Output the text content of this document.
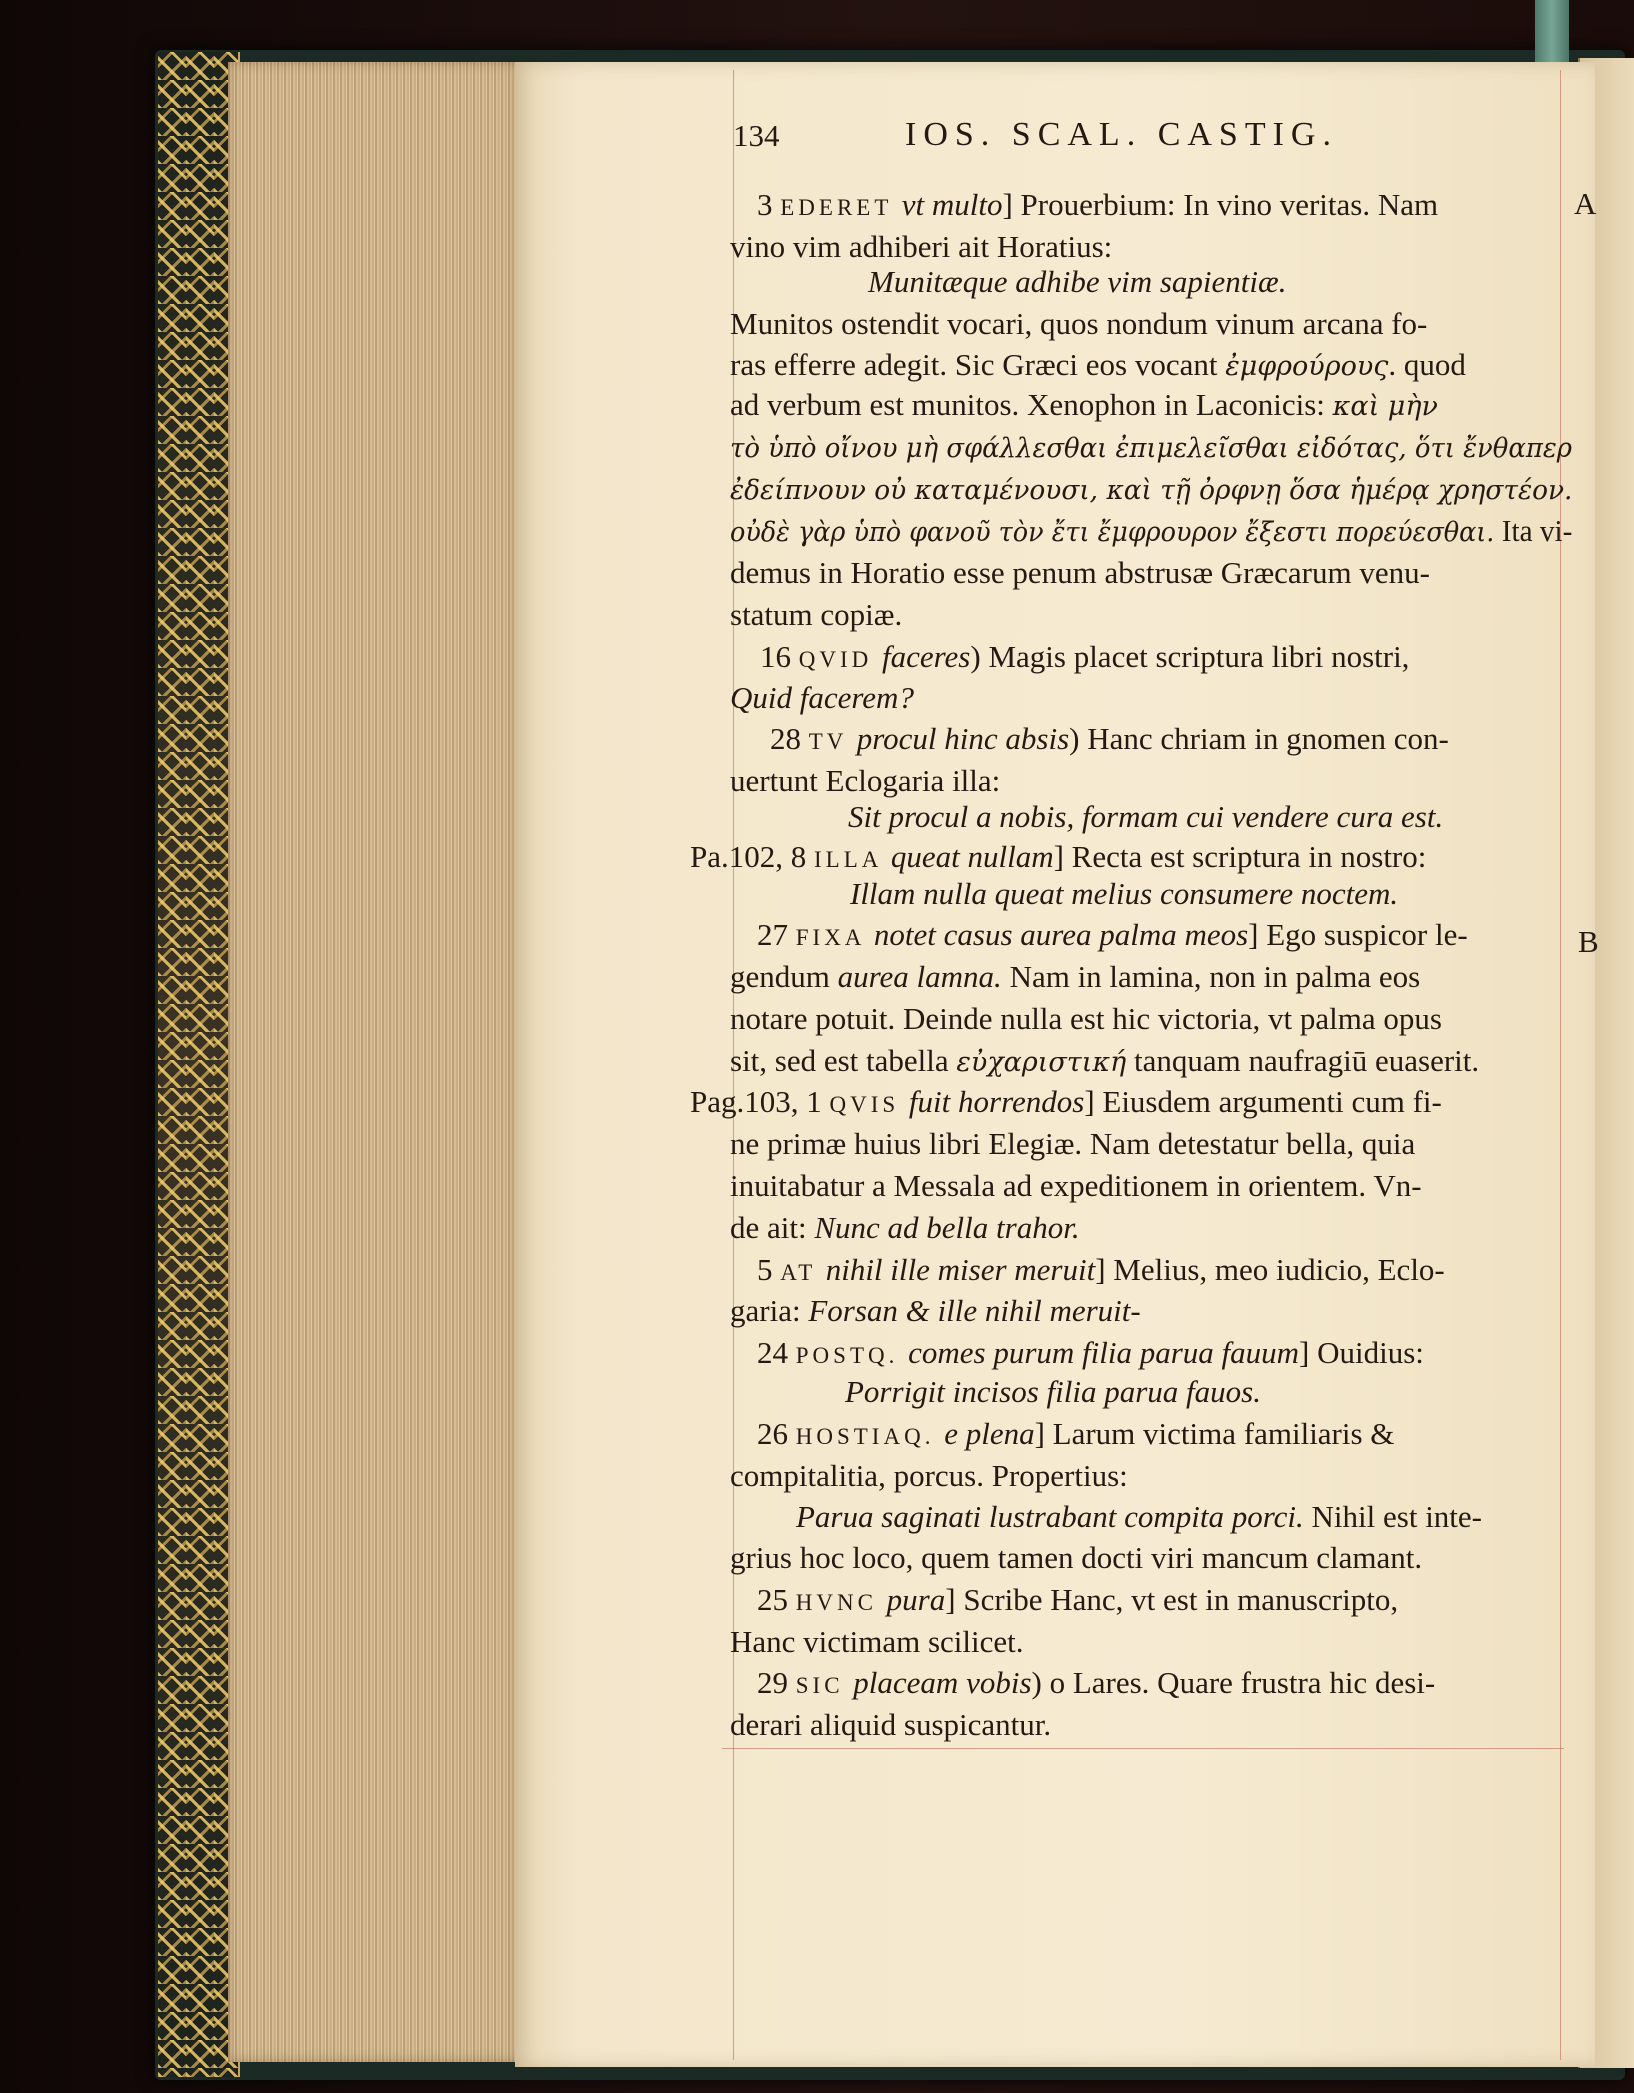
134	IOS. SCAL. CASTIG.
A
B
3 EDERET vt multo] Prouerbium: In vino veritas. Nam
vino vim adhiberi ait Horatius:
Munitæque adhibe vim sapientiæ.
Munitos ostendit vocari, quos nondum vinum arcana fo-
ras efferre adegit. Sic Græci eos vocant ἐμφρούρους. quod
ad verbum est munitos. Xenophon in Laconicis: καὶ μὴν
τὸ ὑπὸ οἴνου μὴ σφάλλεσθαι ἐπιμελεῖσθαι εἰδότας, ὅτι ἔνθαπερ
ἐδείπνουν οὐ καταμένουσι, καὶ τῇ ὀρφνῃ ὅσα ἡμέρᾳ χρηστέον.
οὐδὲ γὰρ ὑπὸ φανοῦ τὸν ἔτι ἔμφρουρον ἔξεστι πορεύεσθαι. Ita vi-
demus in Horatio esse penum abstrusæ Græcarum venu-
statum copiæ.
16 QVID faceres) Magis placet scriptura libri nostri,
Quid facerem?
28 TV procul hinc absis) Hanc chriam in gnomen con-
uertunt Eclogaria illa:
Sit procul a nobis, formam cui vendere cura est.
Pa.102, 8 ILLA queat nullam] Recta est scriptura in nostro:
Illam nulla queat melius consumere noctem.
27 FIXA notet casus aurea palma meos] Ego suspicor le-
gendum aurea lamna. Nam in lamina, non in palma eos
notare potuit. Deinde nulla est hic victoria, vt palma opus
sit, sed est tabella εὐχαριστική tanquam naufragiū euaserit.
Pag.103, 1 QVIS fuit horrendos] Eiusdem argumenti cum fi-
ne primæ huius libri Elegiæ. Nam detestatur bella, quia
inuitabatur a Messala ad expeditionem in orientem. Vn-
de ait: Nunc ad bella trahor.
5 AT nihil ille miser meruit] Melius, meo iudicio, Eclo-
garia: Forsan & ille nihil meruit-
24 POSTQ. comes purum filia parua fauum] Ouidius:
Porrigit incisos filia parua fauos.
26 HOSTIAQ. e plena] Larum victima familiaris &
compitalitia, porcus. Propertius:
Parua saginati lustrabant compita porci. Nihil est inte-
grius hoc loco, quem tamen docti viri mancum clamant.
25 HVNC pura] Scribe Hanc, vt est in manuscripto,
Hanc victimam scilicet.
29 SIC placeam vobis) o Lares. Quare frustra hic desi-
derari aliquid suspicantur.
